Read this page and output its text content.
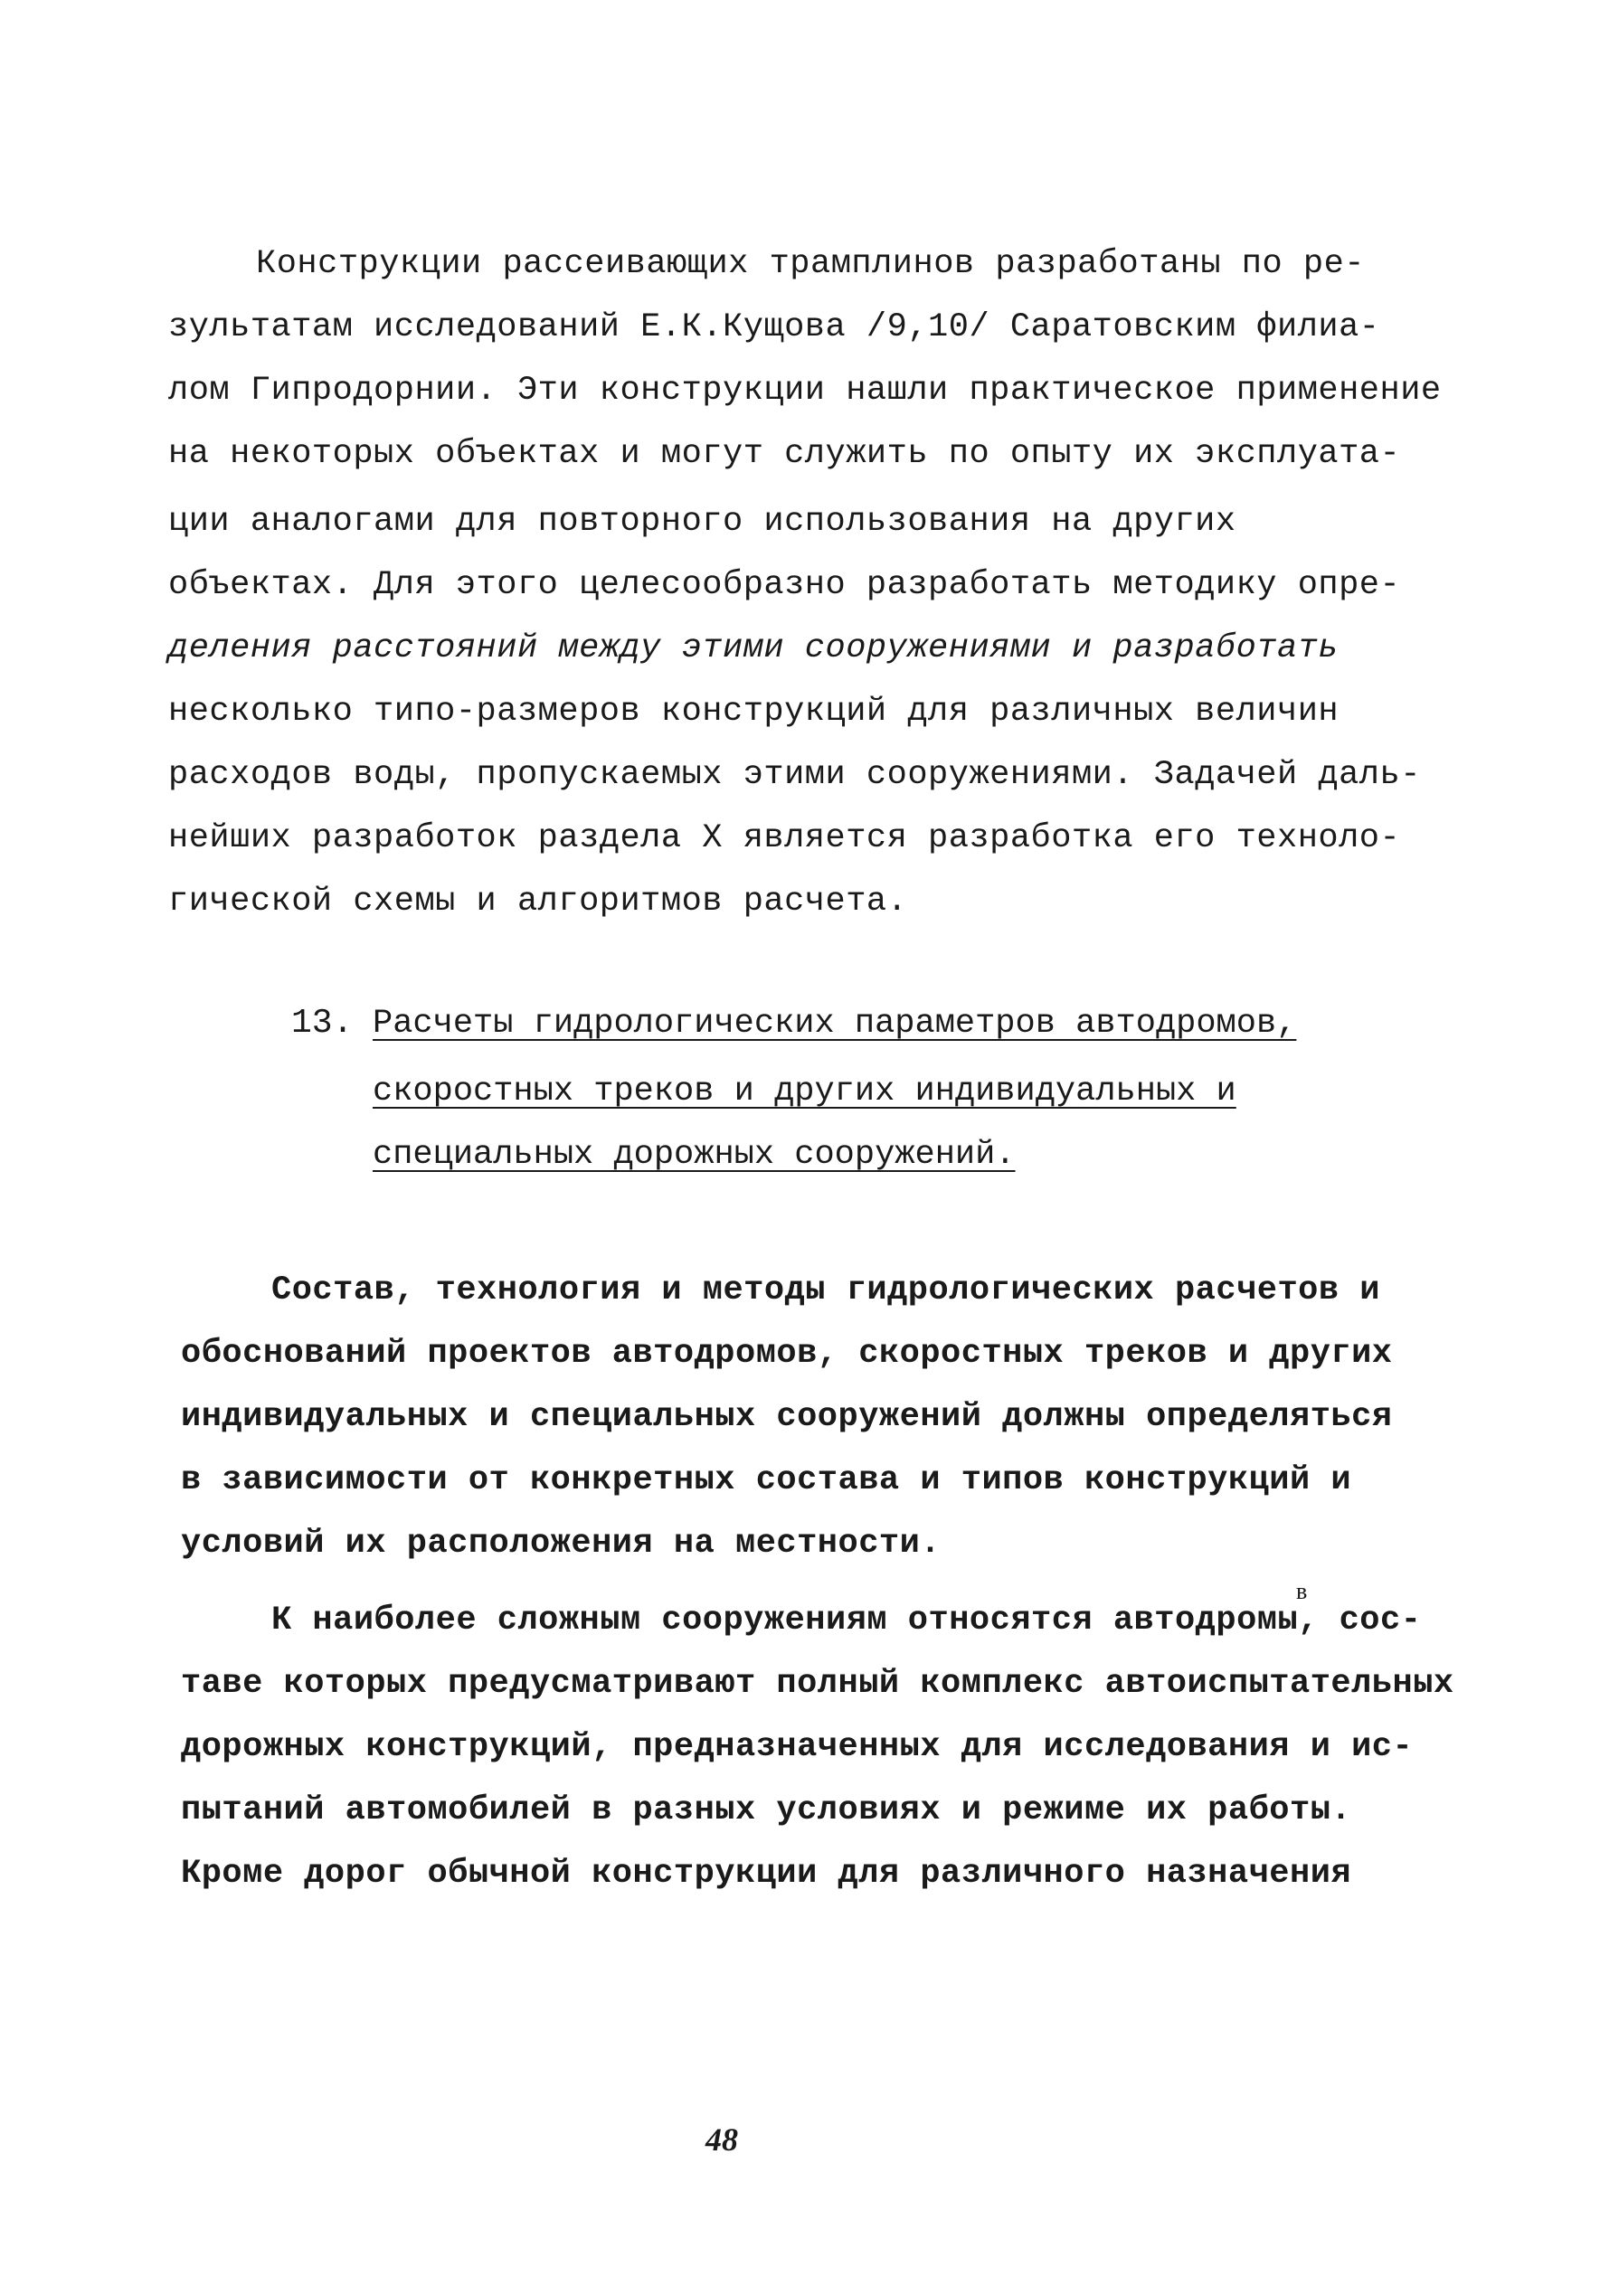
Конструкции рассеивающих трамплинов разработаны по ре-
зультатам исследований Е.К.Кущова /9,10/ Саратовским филиа-
лом Гипродорнии. Эти конструкции нашли практическое применение
на некоторых объектах и могут служить по опыту их эксплуата-
ции аналогами для повторного использования на других
объектах. Для этого целесообразно разработать методику опре-
деления расстояний между этими сооружениями и разработать
несколько типо-размеров конструкций для различных величин
расходов воды, пропускаемых этими сооружениями. Задачей даль-
нейших разработок раздела X является разработка его техноло-
гической схемы и алгоритмов расчета.
13. Расчеты гидрологических параметров автодромов,
скоростных треков и других индивидуальных и
специальных дорожных сооружений.
Состав, технология и методы гидрологических расчетов и
обоснований проектов автодромов, скоростных треков и других
индивидуальных и специальных сооружений должны определяться
в зависимости от конкретных состава и типов конструкций и
условий их расположения на местности.
К наиболее сложным сооружениям относятся автодромы, сос-
в
таве которых предусматривают полный комплекс автоиспытательных
дорожных конструкций, предназначенных для исследования и ис-
пытаний автомобилей в разных условиях и режиме их работы.
Кроме дорог обычной конструкции для различного назначения
48
